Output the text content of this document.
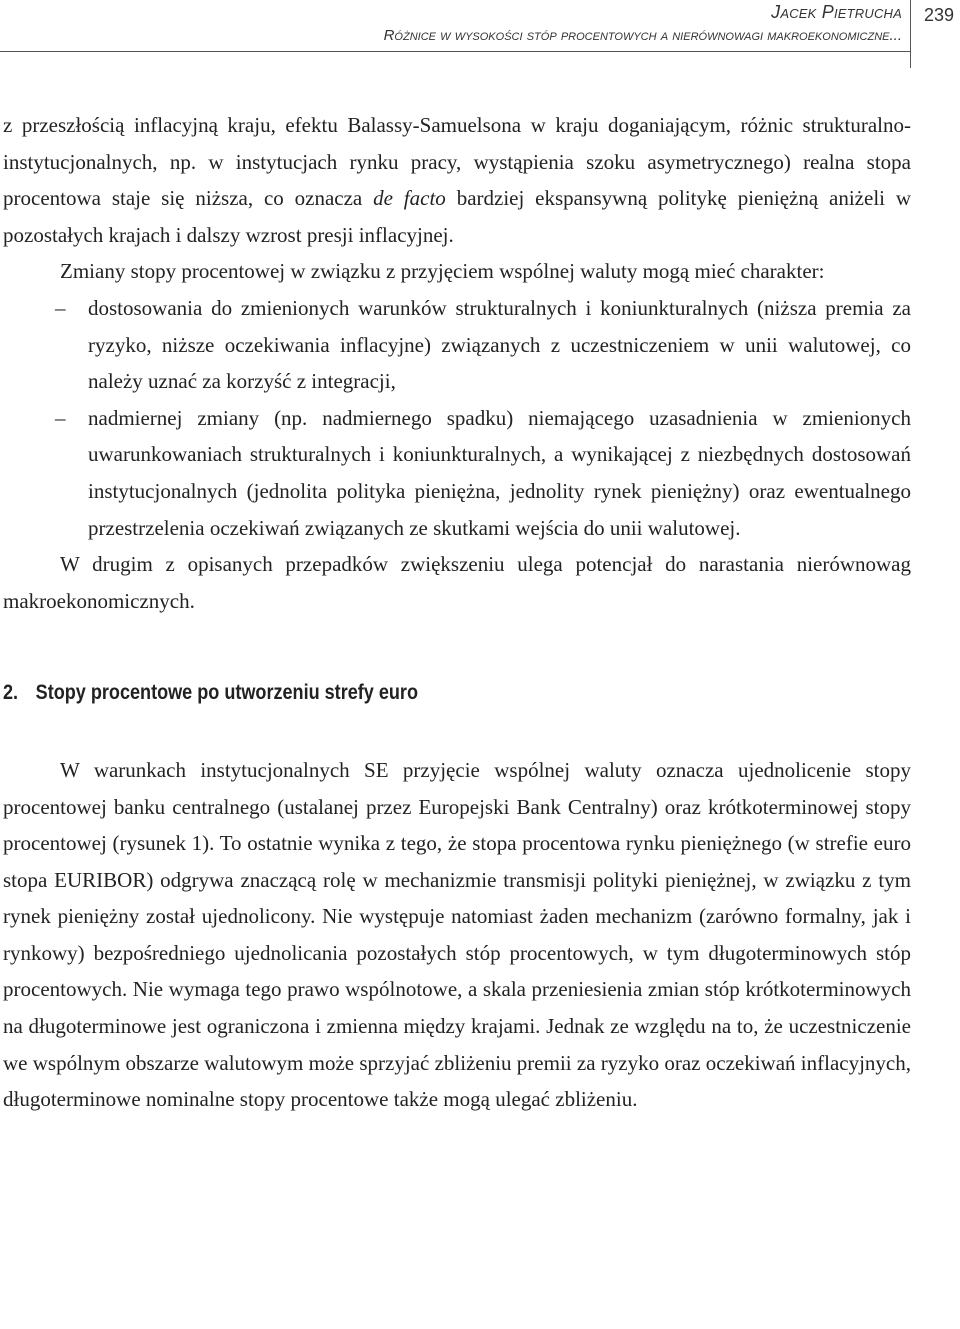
Jacek Pietrucha
Różnice w wysokości stóp procentowych a nierównowagi makroekonomiczne...
239

z przeszłością inflacyjną kraju, efektu Balassy-Samuelsona w kraju doganiającym, różnic strukturalno-instytucjonalnych, np. w instytucjach rynku pracy, wystąpienia szoku asymetrycznego) realna stopa procentowa staje się niższa, co oznacza de facto bardziej ekspansywną politykę pieniężną aniżeli w pozostałych krajach i dalszy wzrost presji inflacyjnej.

Zmiany stopy procentowej w związku z przyjęciem wspólnej waluty mogą mieć charakter:

– dostosowania do zmienionych warunków strukturalnych i koniunkturalnych (niższa premia za ryzyko, niższe oczekiwania inflacyjne) związanych z uczestniczeniem w unii walutowej, co należy uznać za korzyść z integracji,
– nadmiernej zmiany (np. nadmiernego spadku) niemającego uzasadnienia w zmienionych uwarunkowaniach strukturalnych i koniunkturalnych, a wynikającej z niezbędnych dostosowań instytucjonalnych (jednolita polityka pieniężna, jednolity rynek pieniężny) oraz ewentualnego przestrzelenia oczekiwań związanych ze skutkami wejścia do unii walutowej.

W drugim z opisanych przepadków zwiększeniu ulega potencjał do narastania nierównowag makroekonomicznych.

2. Stopy procentowe po utworzeniu strefy euro

W warunkach instytucjonalnych SE przyjęcie wspólnej waluty oznacza ujednolicenie stopy procentowej banku centralnego (ustalanej przez Europejski Bank Centralny) oraz krótkoterminowej stopy procentowej (rysunek 1). To ostatnie wynika z tego, że stopa procentowa rynku pieniężnego (w strefie euro stopa EURIBOR) odgrywa znaczącą rolę w mechanizmie transmisji polityki pieniężnej, w związku z tym rynek pieniężny został ujednolicony. Nie występuje natomiast żaden mechanizm (zarówno formalny, jak i rynkowy) bezpośredniego ujednolicania pozostałych stóp procentowych, w tym długoterminowych stóp procentowych. Nie wymaga tego prawo wspólnotowe, a skala przeniesienia zmian stóp krótkoterminowych na długoterminowe jest ograniczona i zmienna między krajami. Jednak ze względu na to, że uczestniczenie we wspólnym obszarze walutowym może sprzyjać zbliżeniu premii za ryzyko oraz oczekiwań inflacyjnych, długoterminowe nominalne stopy procentowe także mogą ulegać zbliżeniu.
